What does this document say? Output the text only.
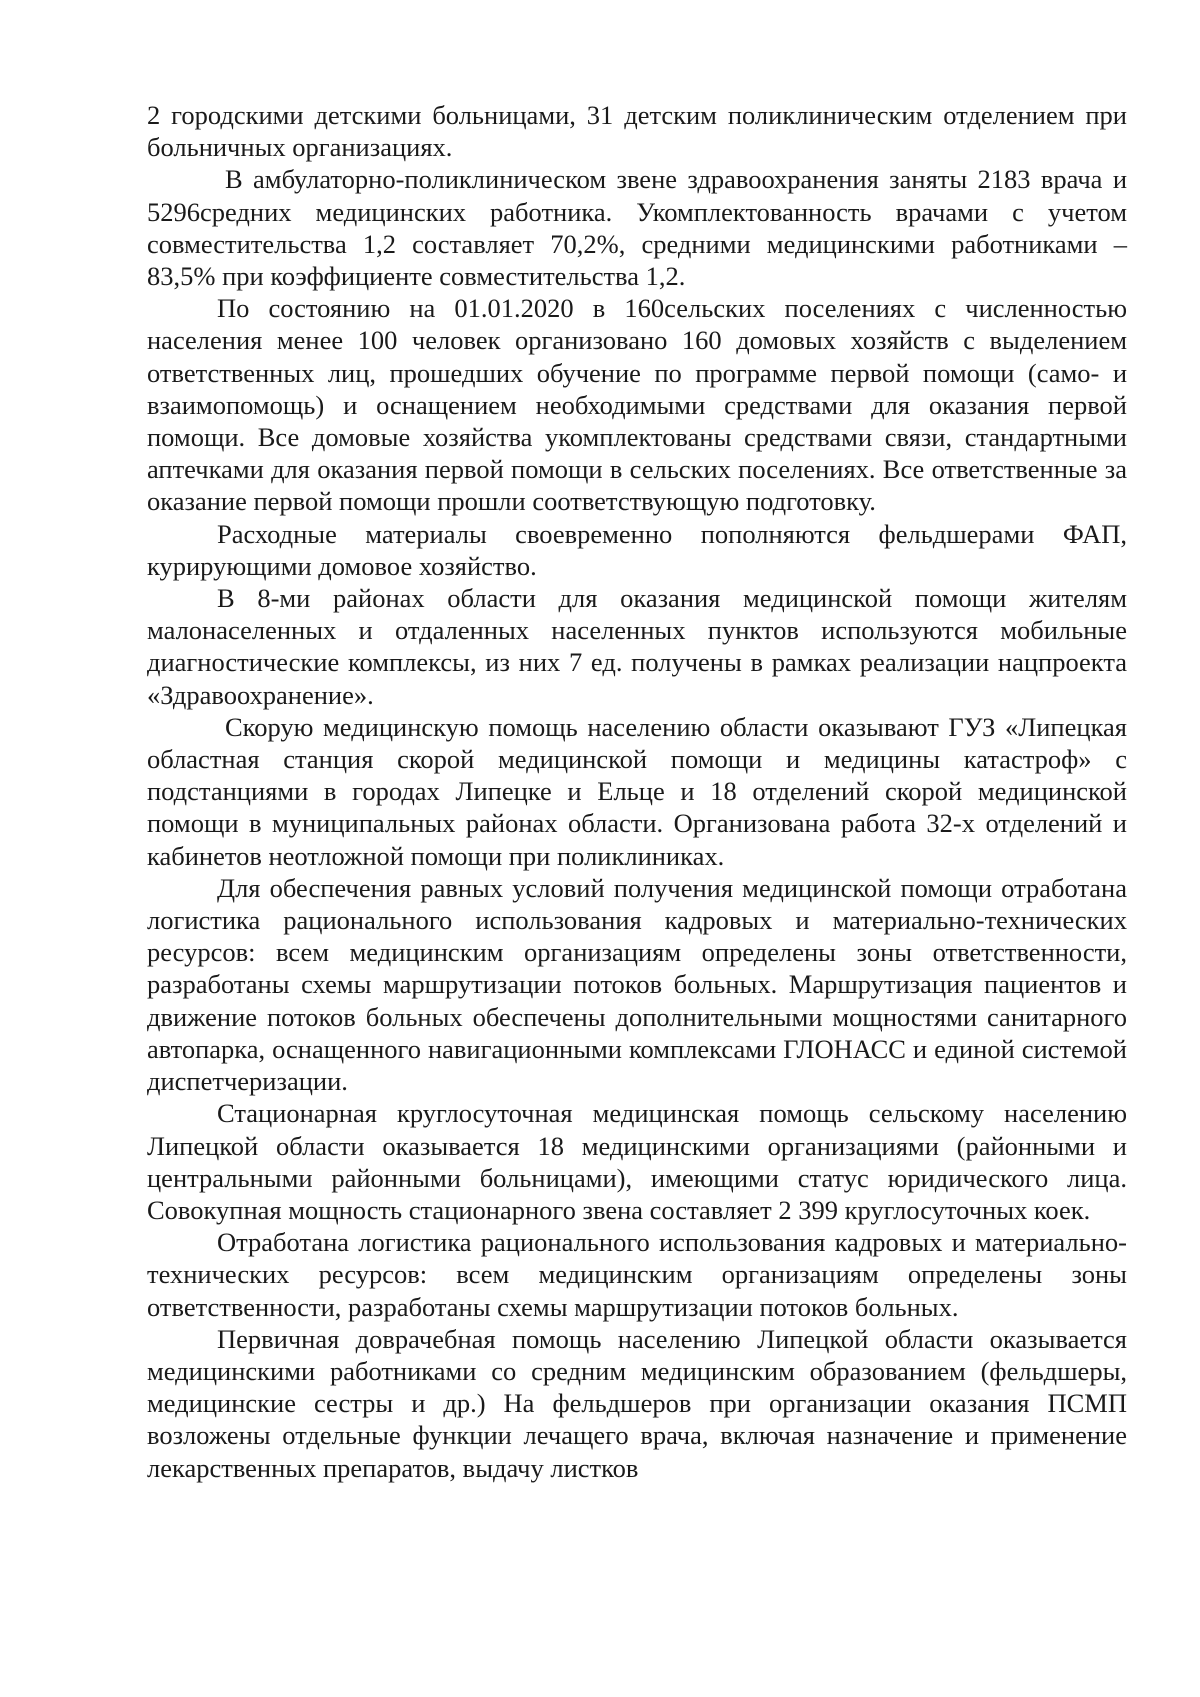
2 городскими детскими больницами, 31 детским поликлиническим отделением при больничных организациях.

В амбулаторно-поликлиническом звене здравоохранения заняты 2183 врача и 5296средних медицинских работника. Укомплектованность врачами с учетом совместительства 1,2 составляет 70,2%, средними медицинскими работниками – 83,5% при коэффициенте совместительства 1,2.

По состоянию на 01.01.2020 в 160сельских поселениях с численностью населения менее 100 человек организовано 160 домовых хозяйств с выделением ответственных лиц, прошедших обучение по программе первой помощи (само- и взаимопомощь) и оснащением необходимыми средствами для оказания первой помощи. Все домовые хозяйства укомплектованы средствами связи, стандартными аптечками для оказания первой помощи в сельских поселениях. Все ответственные за оказание первой помощи прошли соответствующую подготовку.

Расходные материалы своевременно пополняются фельдшерами ФАП, курирующими домовое хозяйство.

В 8-ми районах области для оказания медицинской помощи жителям малонаселенных и отдаленных населенных пунктов используются мобильные диагностические комплексы, из них 7 ед. получены в рамках реализации нацпроекта «Здравоохранение».

Скорую медицинскую помощь населению области оказывают ГУЗ «Липецкая областная станция скорой медицинской помощи и медицины катастроф» с подстанциями в городах Липецке и Ельце и 18 отделений скорой медицинской помощи в муниципальных районах области. Организована работа 32-х отделений и кабинетов неотложной помощи при поликлиниках.

Для обеспечения равных условий получения медицинской помощи отработана логистика рационального использования кадровых и материально-технических ресурсов: всем медицинским организациям определены зоны ответственности, разработаны схемы маршрутизации потоков больных. Маршрутизация пациентов и движение потоков больных обеспечены дополнительными мощностями санитарного автопарка, оснащенного навигационными комплексами ГЛОНАСС и единой системой диспетчеризации.

Стационарная круглосуточная медицинская помощь сельскому населению Липецкой области оказывается 18 медицинскими организациями (районными и центральными районными больницами), имеющими статус юридического лица. Совокупная мощность стационарного звена составляет 2 399 круглосуточных коек.

Отработана логистика рационального использования кадровых и материально-технических ресурсов: всем медицинским организациям определены зоны ответственности, разработаны схемы маршрутизации потоков больных.

Первичная доврачебная помощь населению Липецкой области оказывается медицинскими работниками со средним медицинским образованием (фельдшеры, медицинские сестры и др.) На фельдшеров при организации оказания ПСМП возложены отдельные функции лечащего врача, включая назначение и применение лекарственных препаратов, выдачу листков
